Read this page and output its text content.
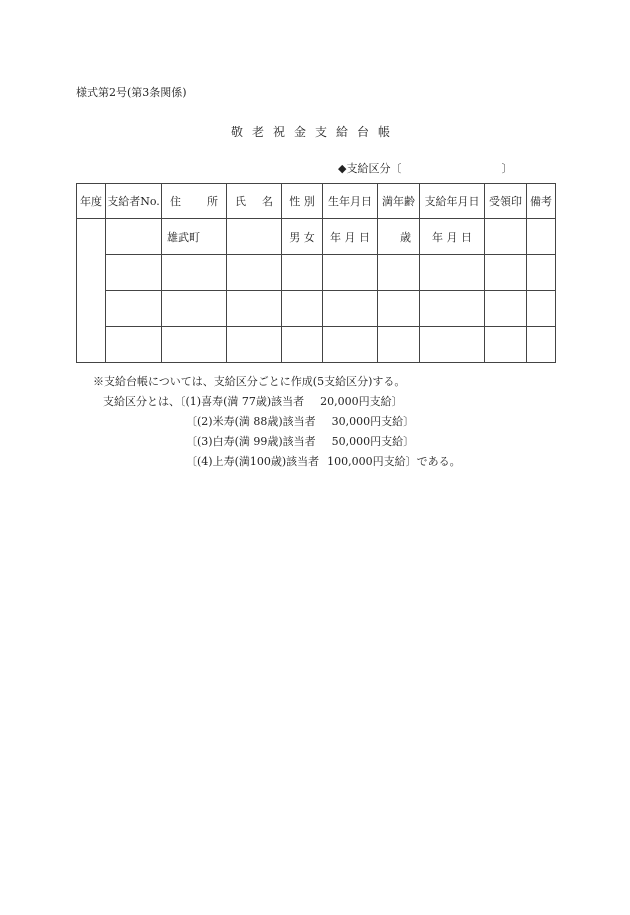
様式第2号(第3条関係)
敬老祝金支給台帳
◆支給区分〔	〕
年度	支給者No.	住 所	氏 名	性 別	生年月日	満年齢	支給年月日	受領印	備考
		雄武町		男 女	年 月 日	歳	年 月 日		

※支給台帳については、支給区分ごとに作成(5支給区分)する。
支給区分とは、〔(1)喜寿(満 77歳)該当者 20,000円支給〕
〔(2)米寿(満 88歳)該当者 30,000円支給〕
〔(3)白寿(満 99歳)該当者 50,000円支給〕
〔(4)上寿(満100歳)該当者 100,000円支給〕である。
